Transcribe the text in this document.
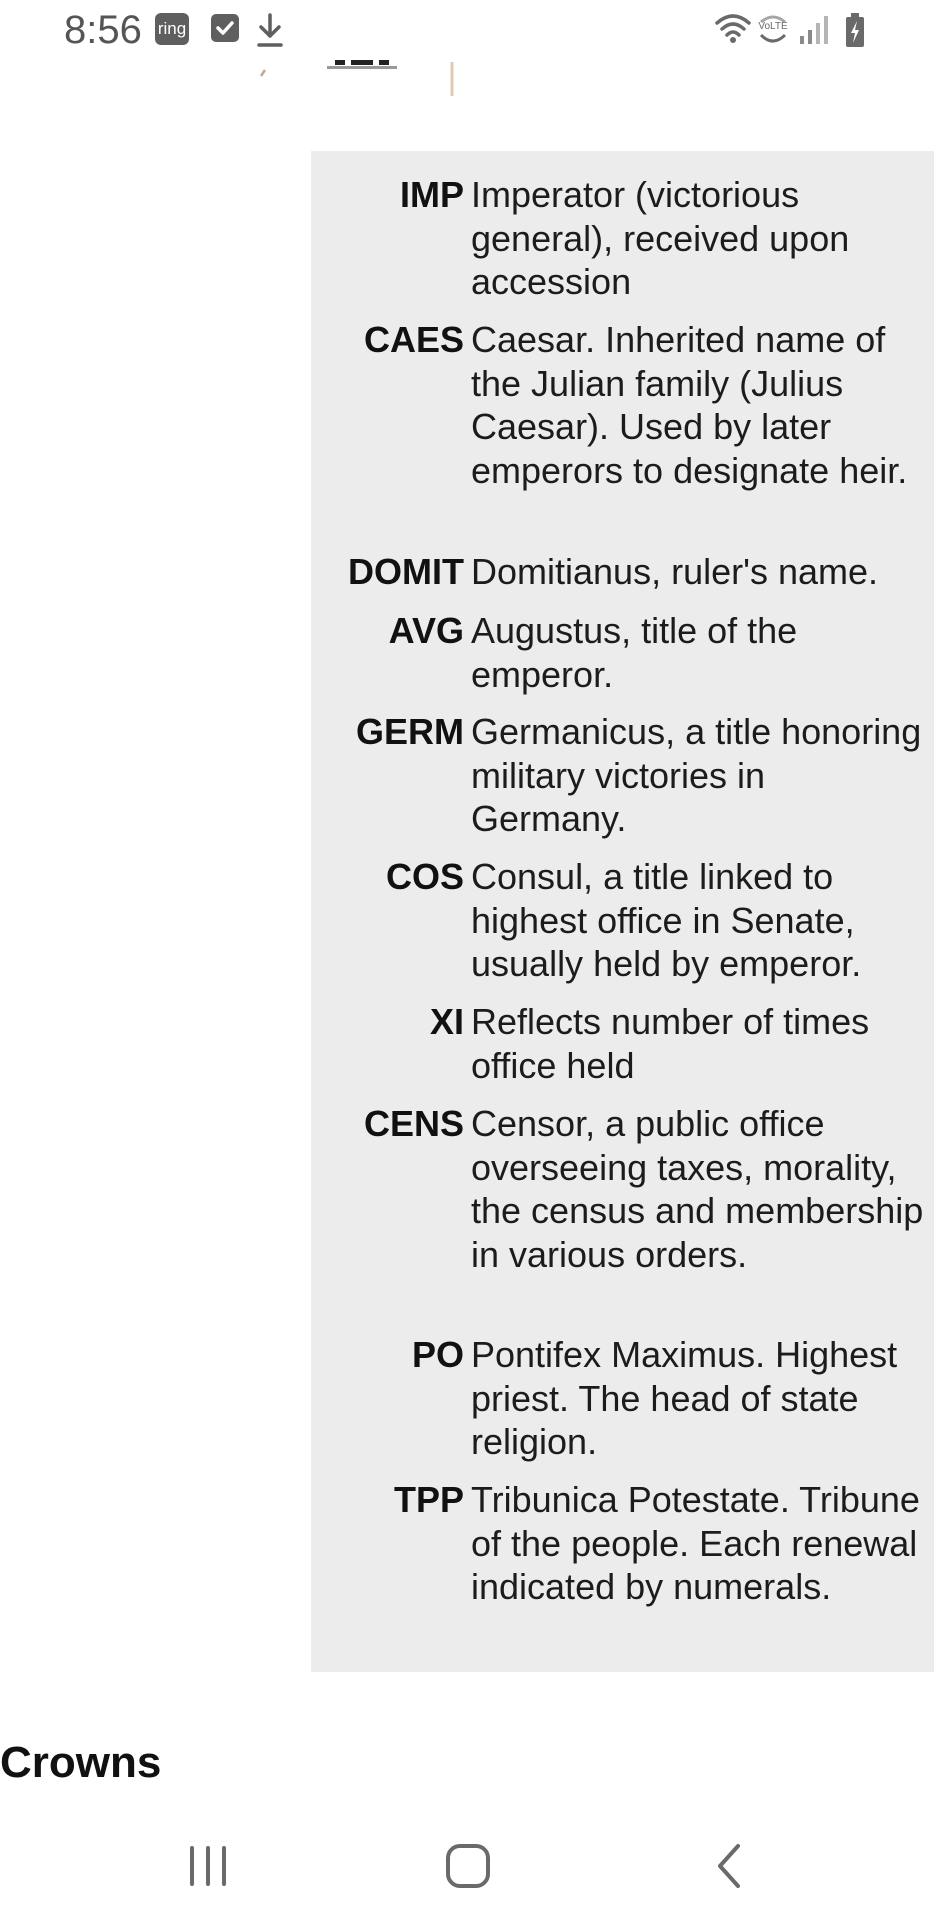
8:56 ring	VoLTE
IMP Imperator (victorious general), received upon accession
CAES Caesar. Inherited name of the Julian family (Julius Caesar). Used by later emperors to designate heir.
DOMIT Domitianus, ruler's name.
AVG Augustus, title of the emperor.
GERM Germanicus, a title honoring military victories in Germany.
COS Consul, a title linked to highest office in Senate, usually held by emperor.
XI Reflects number of times office held
CENS Censor, a public office overseeing taxes, morality, the census and membership in various orders.
PO Pontifex Maximus. Highest priest. The head of state religion.
TPP Tribunica Potestate. Tribune of the people. Each renewal indicated by numerals.
Crowns
